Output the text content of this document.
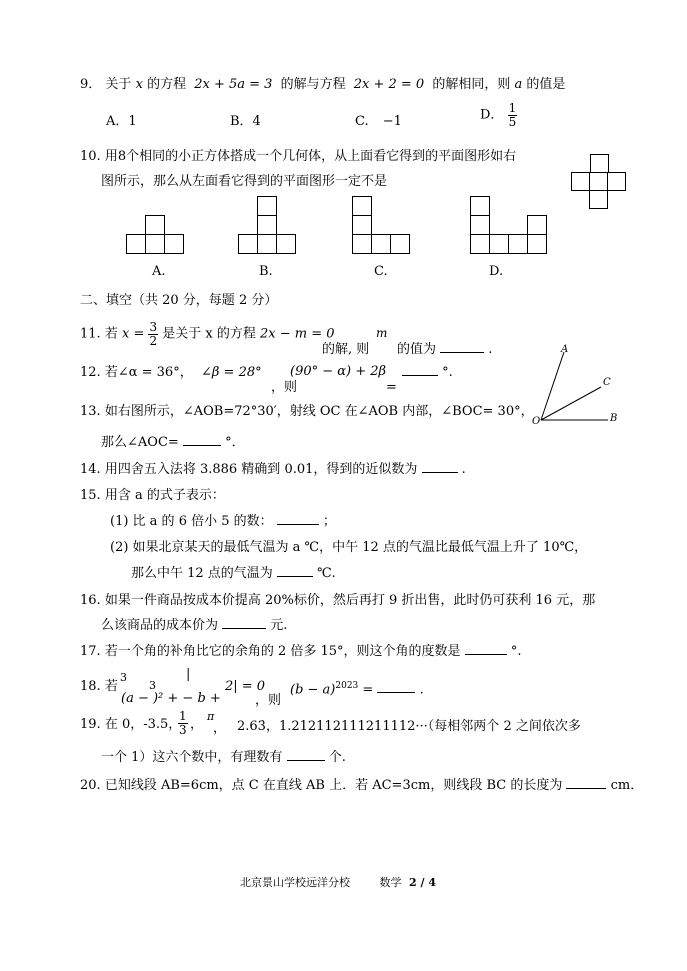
9． 关于 x 的方程 2x + 5a = 3 的解与方程 2x + 2 = 0 的解相同，则 a 的值是
A．1	B．4	C. −1	D． $\frac{1}{5}$
10. 用8个相同的小正方体搭成一个几何体，从上面看它得到的平面图形如右
图所示，那么从左面看它得到的平面图形一定不是
A.	B.	C.	D.
二、填空（共 20 分，每题 2 分）
11. 若 $x = \frac{3}{2}$ 是关于 x 的方程 2x − m = 0
的解, 则
m
的值为	.
12. 若∠α = 36°， ∠β = 28°
，则
(90° − α) + 2β
=
°.
A
C
O	B
13. 如右图所示，∠AOB=72°30′，射线 OC 在∠AOB 内部，∠BOC= 30°，
那么∠AOC=	°．
14. 用四舍五入法将 3.886 精确到 0.01，得到的近似数为	.
15. 用含 a 的式子表示：
(1) 比 a 的 6 倍小 5 的数：	；
(2) 如果北京某天的最低气温为 a ℃，中午 12 点的气温比最低气温上升了 10℃，
那么中午 12 点的气温为	℃.
16. 如果一件商品按成本价提高 20%标价，然后再打 9 折出售，此时仍可获利 16 元，那
么该商品的成本价为	元.
17. 若一个角的补角比它的余角的 2 倍多 15°，则这个角的度数是	°.
18. 若
3
3
|
(a − )² + − b +
2| = 0
，则
$(b - a)^{2023}$ =	.
19. 在 0，-3.5，
$\frac{1}{3}$ ，
π
， 2.63̇，1.212112111211112···（每相邻两个 2 之间依次多
一个 1）这六个数中，有理数有	个.
20. 已知线段 AB=6cm，点 C 在直线 AB 上．若 AC=3cm，则线段 BC 的长度为	cm．
北京景山学校远洋分校	数学 2 / 4
